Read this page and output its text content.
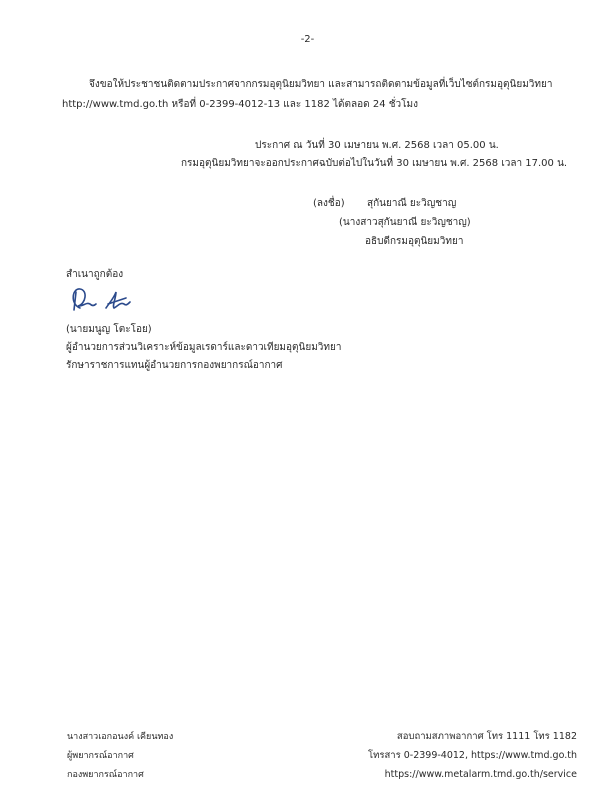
-2-
จึงขอให้ประชาชนติดตามประกาศจากกรมอุตุนิยมวิทยา และสามารถติดตามข้อมูลที่เว็บไซต์กรมอุตุนิยมวิทยา
http://www.tmd.go.th หรือที่ 0-2399-4012-13 และ 1182 ได้ตลอด 24 ชั่วโมง
ประกาศ ณ วันที่ 30 เมษายน พ.ศ. 2568 เวลา 05.00 น.
กรมอุตุนิยมวิทยาจะออกประกาศฉบับต่อไปในวันที่ 30 เมษายน พ.ศ. 2568 เวลา 17.00 น.
(ลงชื่อ) สุกันยาณี ยะวิญชาญ
(นางสาวสุกันยาณี ยะวิญชาญ)
อธิบดีกรมอุตุนิยมวิทยา
สำเนาถูกต้อง
(นายมนูญ โตะโอย)
ผู้อำนวยการส่วนวิเคราะห์ข้อมูลเรดาร์และดาวเทียมอุตุนิยมวิทยา
รักษาราชการแทนผู้อำนวยการกองพยากรณ์อากาศ
นางสาวเอกอนงค์ เคียนทอง
ผู้พยากรณ์อากาศ
กองพยากรณ์อากาศ
สอบถามสภาพอากาศ โทร 1111 โทร 1182
โทรสาร 0-2399-4012, https://www.tmd.go.th
https://www.metalarm.tmd.go.th/service
